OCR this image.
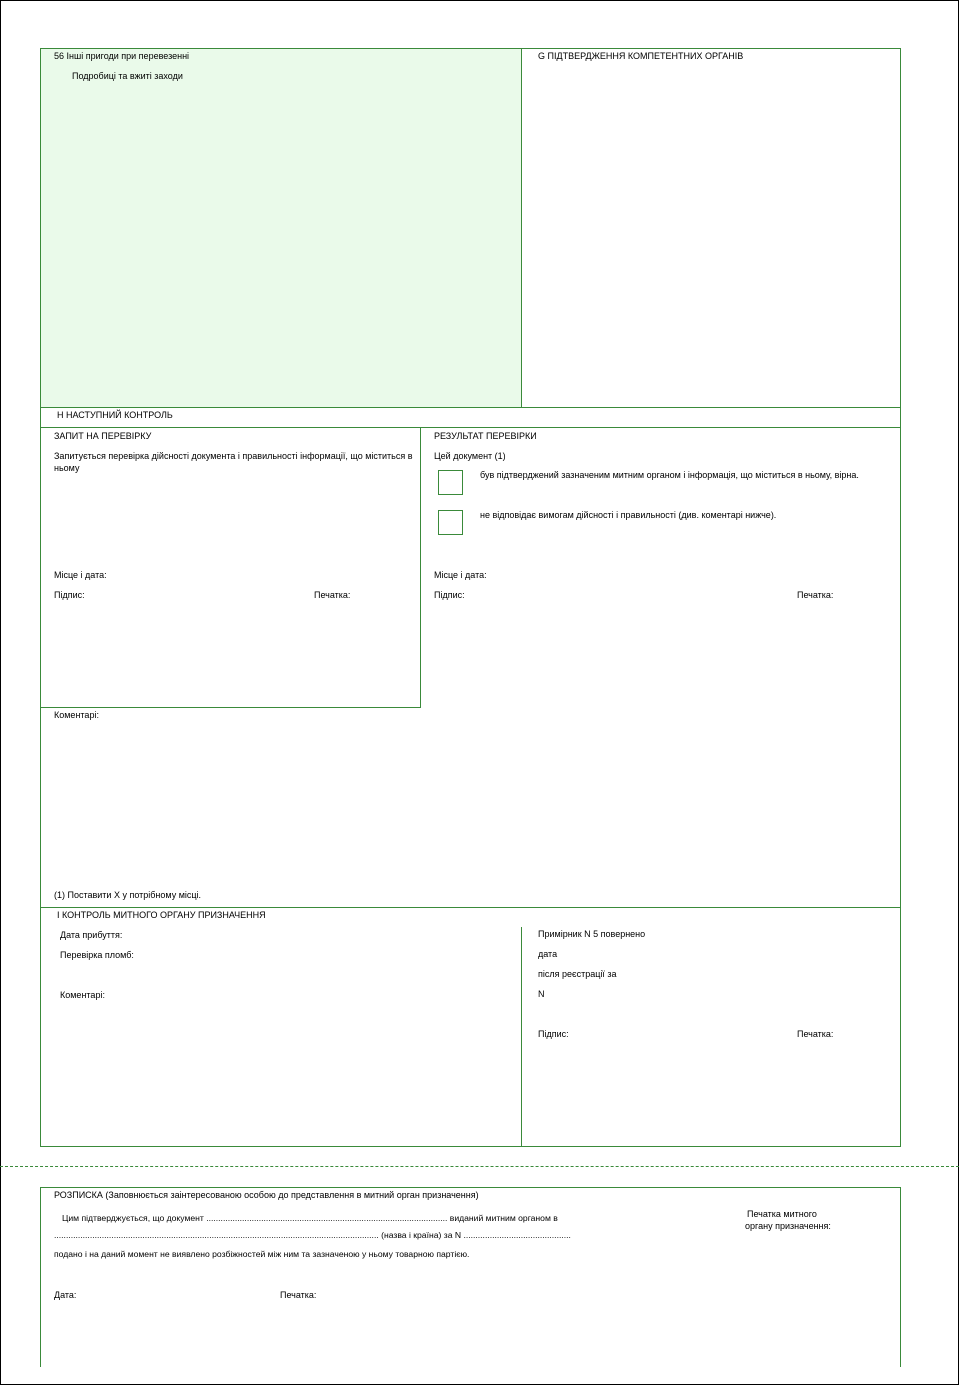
56 Інші пригоди при перевезенні
Подробиці та вжиті заходи
G ПІДТВЕРДЖЕННЯ КОМПЕТЕНТНИХ ОРГАНІВ
H НАСТУПНИЙ КОНТРОЛЬ
ЗАПИТ НА ПЕРЕВІРКУ
Запитується перевірка дійсності документа і правильності інформації, що міститься в ньому
Місце і дата:
Підпис:	Печатка:
РЕЗУЛЬТАТ ПЕРЕВІРКИ
Цей документ (1)
був підтверджений зазначеним митним органом і інформація, що міститься в ньому, вірна.
не відповідає вимогам дійсності і правильності (див. коментарі нижче).
Місце і дата:
Підпис:	Печатка:
Коментарі:
(1) Поставити X у потрібному місці.
I КОНТРОЛЬ МИТНОГО ОРГАНУ ПРИЗНАЧЕННЯ
Дата прибуття:
Перевірка пломб:
Коментарі:
Примірник N 5 повернено
дата
після реєстрації за
N
Підпис:	Печатка:
РОЗПИСКА (Заповнюється заінтересованою особою до представлення в митний орган призначення)
Цим підтверджується, що документ ..................................................................................................... виданий митним органом в
........................................................................................................................................ (назва і країна) за N .............................................
подано і на даний момент не виявлено розбіжностей між ним та зазначеною у ньому товарною партією.
Печатка митного
органу призначення:
Дата:	Печатка:
